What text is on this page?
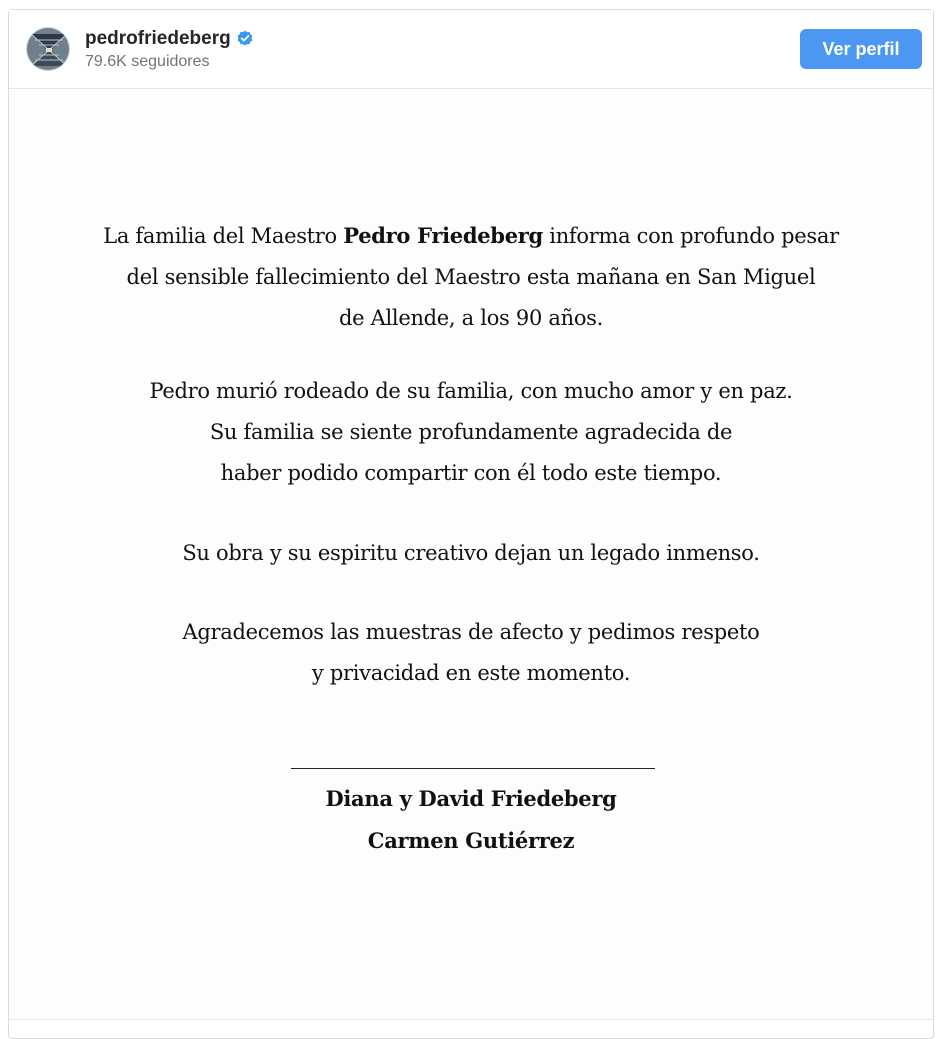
pedrofriedeberg
79.6K seguidores
Ver perfil
La familia del Maestro Pedro Friedeberg informa con profundo pesar
del sensible fallecimiento del Maestro esta mañana en San Miguel
de Allende, a los 90 años.
Pedro murió rodeado de su familia, con mucho amor y en paz.
Su familia se siente profundamente agradecida de
haber podido compartir con él todo este tiempo.
Su obra y su espiritu creativo dejan un legado inmenso.
Agradecemos las muestras de afecto y pedimos respeto
y privacidad en este momento.
Diana y David Friedeberg
Carmen Gutiérrez
